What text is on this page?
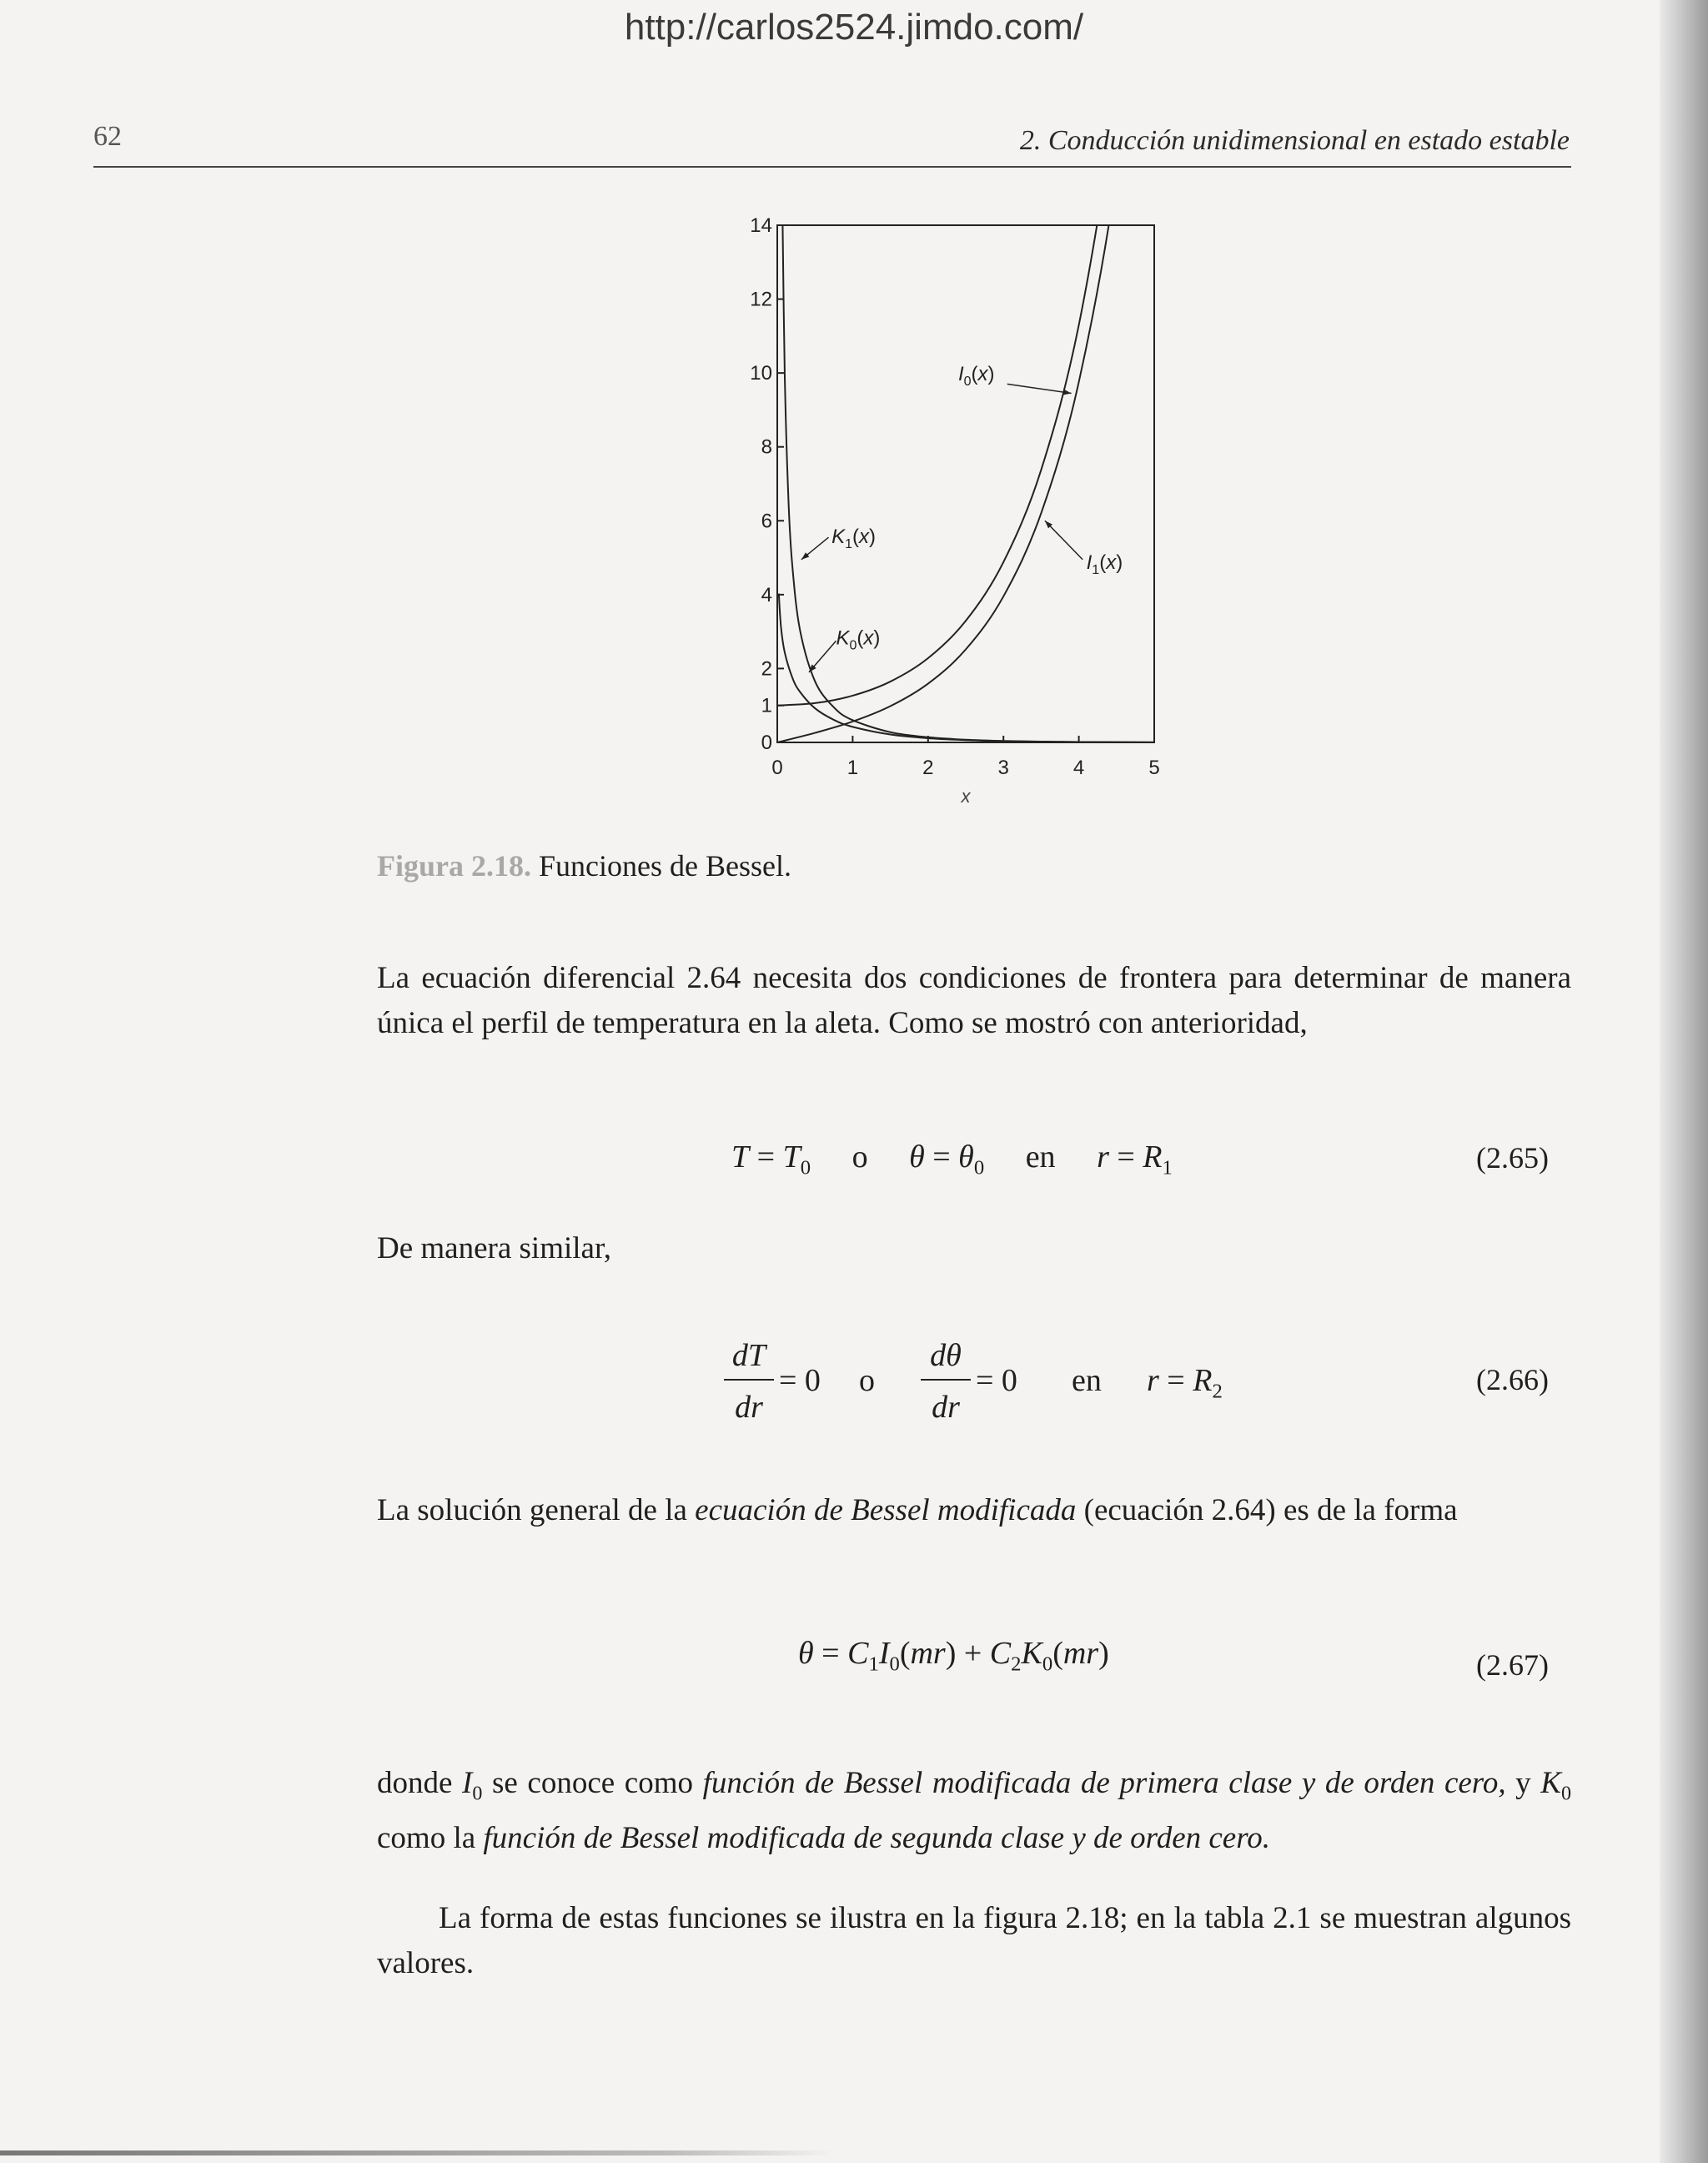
http://carlos2524.jimdo.com/
62	2. Conducción unidimensional en estado estable
0	1	2	3	4	5
0
1
2
4
6
8
10
12
14
x
$I_0(x)$
$I_1(x)$
$K_1(x)$
$K_0(x)$
Figura 2.18. Funciones de Bessel.
La ecuación diferencial 2.64 necesita dos condiciones de frontera para determinar de manera única el perfil de temperatura en la aleta. Como se mostró con anterioridad,
$T = T_0$ o $\theta = \theta_0$ en $r = R_1$	(2.65)
De manera similar,
dT
dr
= 0 o
dθ
dr
= 0 en $r = R_2$	(2.66)
La solución general de la ecuación de Bessel modificada (ecuación 2.64) es de la forma
$\theta = C_1I_0(mr) + C_2K_0(mr)$	(2.67)
donde $I_0$ se conoce como función de Bessel modificada de primera clase y de orden cero, y $K_0$ como la función de Bessel modificada de segunda clase y de orden cero.
La forma de estas funciones se ilustra en la figura 2.18; en la tabla 2.1 se muestran algunos valores.
